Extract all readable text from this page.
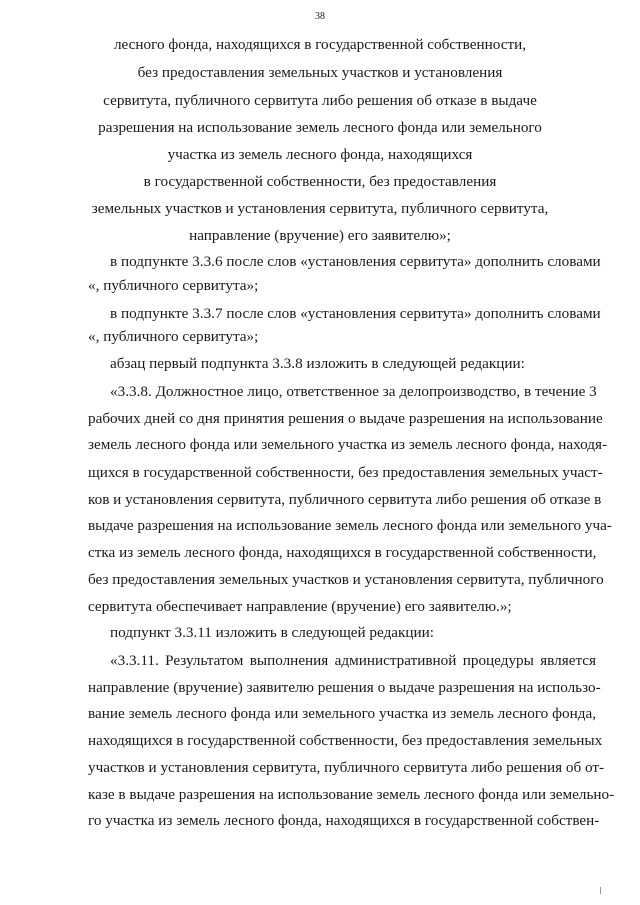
38
лесного фонда, находящихся в государственной собственности,
без предоставления земельных участков и установления
сервитута, публичного сервитута либо решения об отказе в выдаче
разрешения на использование земель лесного фонда или земельного
участка из земель лесного фонда, находящихся
в государственной собственности, без предоставления
земельных участков и установления сервитута, публичного сервитута,
направление (вручение) его заявителю»;
в подпункте 3.3.6 после слов «установления сервитута» дополнить словами
«, публичного сервитута»;
в подпункте 3.3.7 после слов «установления сервитута» дополнить словами
«, публичного сервитута»;
абзац первый подпункта 3.3.8 изложить в следующей редакции:
«3.3.8. Должностное лицо, ответственное за делопроизводство, в течение 3
рабочих дней со дня принятия решения о выдаче разрешения на использование
земель лесного фонда или земельного участка из земель лесного фонда, находя-
щихся в государственной собственности, без предоставления земельных участ-
ков и установления сервитута, публичного сервитута либо решения об отказе в
выдаче разрешения на использование земель лесного фонда или земельного уча-
стка из земель лесного фонда, находящихся в государственной собственности,
без предоставления земельных участков и установления сервитута, публичного
сервитута обеспечивает направление (вручение) его заявителю.»;
подпункт 3.3.11 изложить в следующей редакции:
«3.3.11. Результатом выполнения административной процедуры является
направление (вручение) заявителю решения о выдаче разрешения на использо-
вание земель лесного фонда или земельного участка из земель лесного фонда,
находящихся в государственной собственности, без предоставления земельных
участков и установления сервитута, публичного сервитута либо решения об от-
казе в выдаче разрешения на использование земель лесного фонда или земельно-
го участка из земель лесного фонда, находящихся в государственной собствен-
